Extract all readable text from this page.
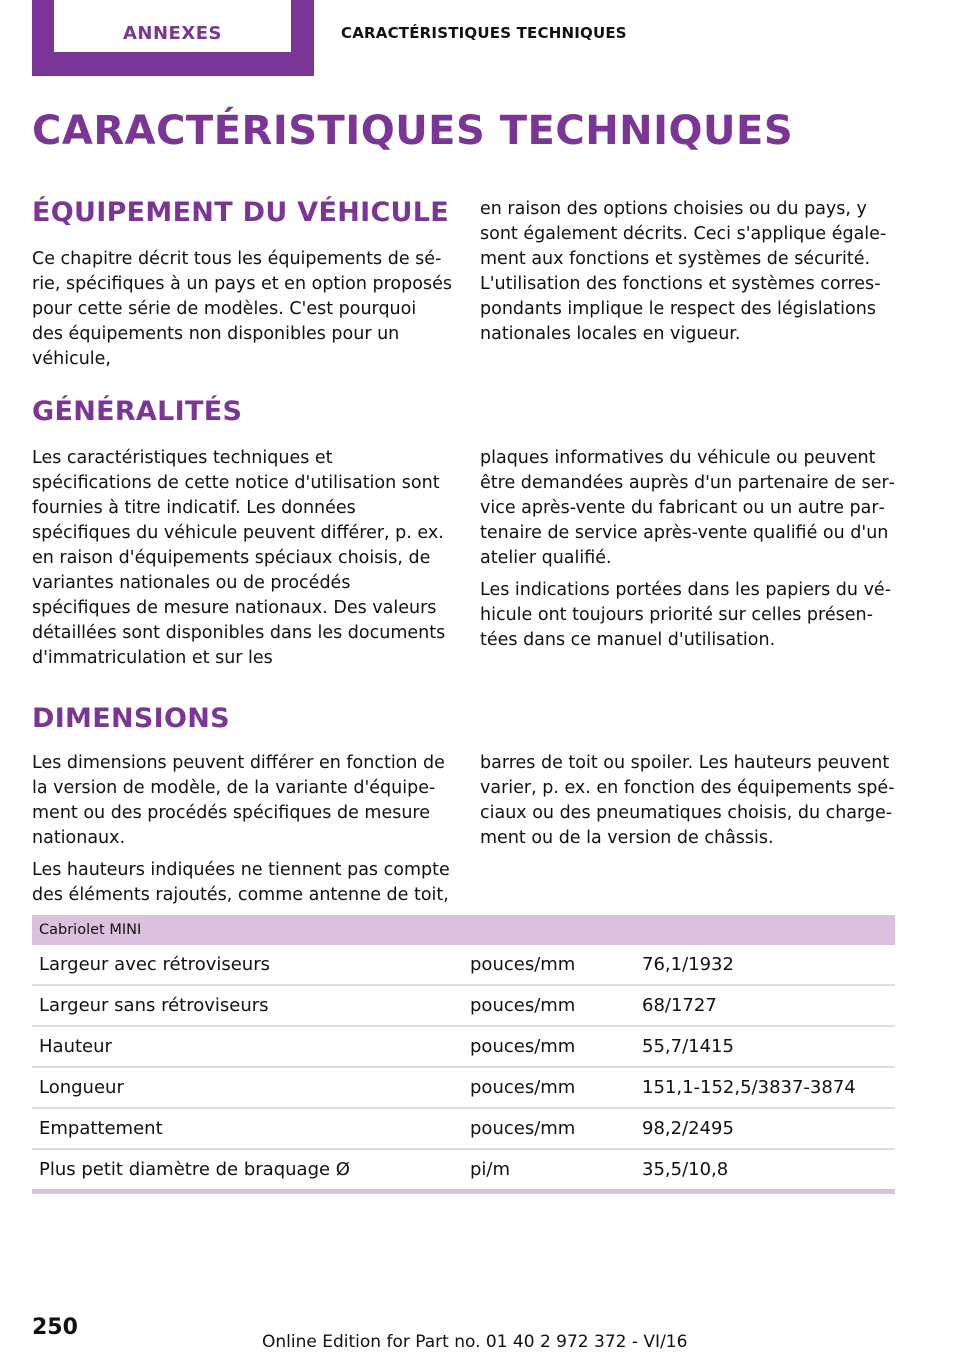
ANNEXES	CARACTÉRISTIQUES TECHNIQUES
CARACTÉRISTIQUES TECHNIQUES
ÉQUIPEMENT DU VÉHICULE

Ce chapitre décrit tous les équipements de série, spécifiques à un pays et en option proposés pour cette série de modèles. C'est pourquoi des équipements non disponibles pour un véhicule,

en raison des options choisies ou du pays, y sont également décrits. Ceci s'applique également aux fonctions et systèmes de sécurité. L'utilisation des fonctions et systèmes correspondants implique le respect des législations nationales locales en vigueur.

GÉNÉRALITÉS

Les caractéristiques techniques et spécifications de cette notice d'utilisation sont fournies à titre indicatif. Les données spécifiques du véhicule peuvent différer, p. ex. en raison d'équipements spéciaux choisis, de variantes nationales ou de procédés spécifiques de mesure nationaux. Des valeurs détaillées sont disponibles dans les documents d'immatriculation et sur les

plaques informatives du véhicule ou peuvent être demandées auprès d'un partenaire de service après-vente du fabricant ou un autre partenaire de service après-vente qualifié ou d'un atelier qualifié.

Les indications portées dans les papiers du véhicule ont toujours priorité sur celles présentées dans ce manuel d'utilisation.

DIMENSIONS

Les dimensions peuvent différer en fonction de la version de modèle, de la variante d'équipement ou des procédés spécifiques de mesure nationaux.

Les hauteurs indiquées ne tiennent pas compte des éléments rajoutés, comme antenne de toit,

barres de toit ou spoiler. Les hauteurs peuvent varier, p. ex. en fonction des équipements spéciaux ou des pneumatiques choisis, du chargement ou de la version de châssis.

Cabriolet MINI
Largeur avec rétroviseurs	pouces/mm	76,1/1932
Largeur sans rétroviseurs	pouces/mm	68/1727
Hauteur	pouces/mm	55,7/1415
Longueur	pouces/mm	151,1-152,5/3837-3874
Empattement	pouces/mm	98,2/2495
Plus petit diamètre de braquage Ø	pi/m	35,5/10,8
250
Online Edition for Part no. 01 40 2 972 372 - VI/16
